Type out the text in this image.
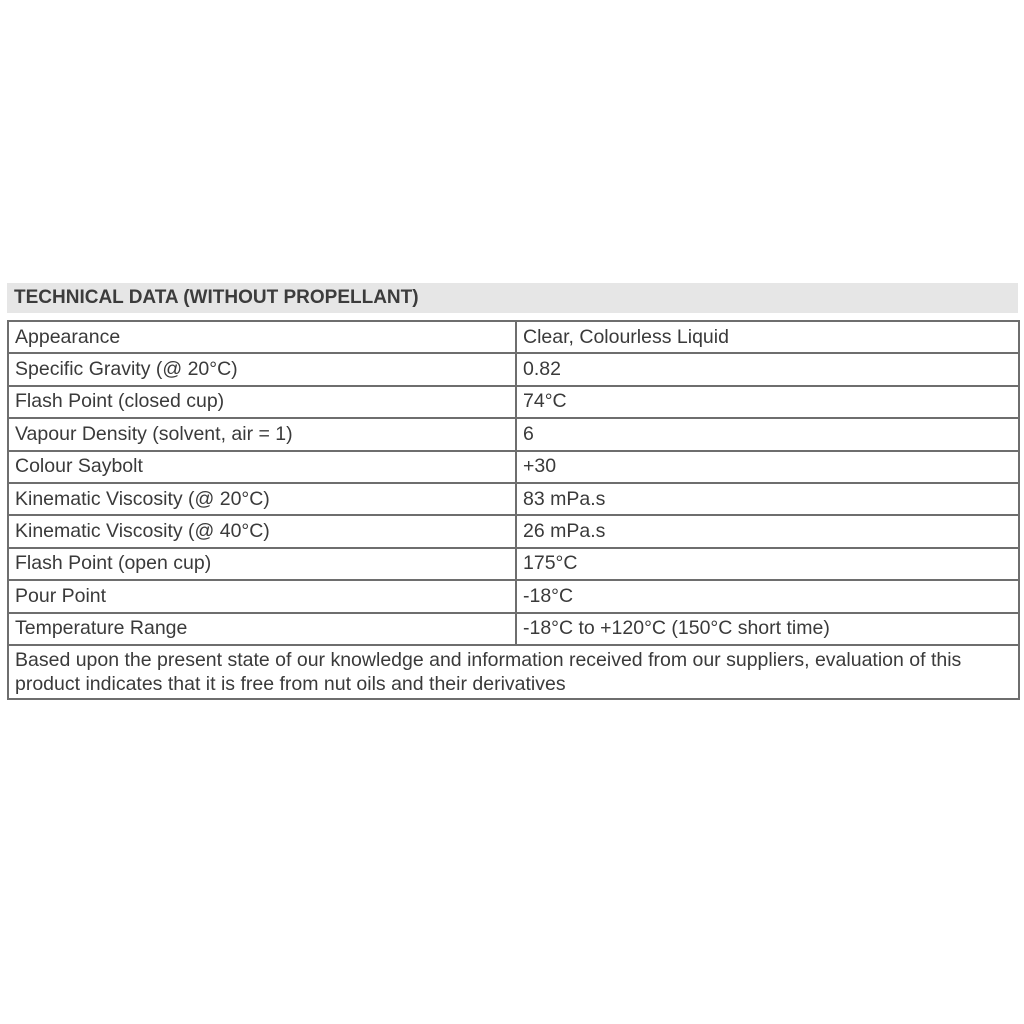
TECHNICAL DATA (WITHOUT PROPELLANT)
Appearance	Clear, Colourless Liquid
Specific Gravity (@ 20°C)	0.82
Flash Point (closed cup)	74°C
Vapour Density (solvent, air = 1)	6
Colour Saybolt	+30
Kinematic Viscosity (@ 20°C)	83 mPa.s
Kinematic Viscosity (@ 40°C)	26 mPa.s
Flash Point (open cup)	175°C
Pour Point	-18°C
Temperature Range	-18°C to +120°C (150°C short time)
Based upon the present state of our knowledge and information received from our suppliers, evaluation of this product indicates that it is free from nut oils and their derivatives	
